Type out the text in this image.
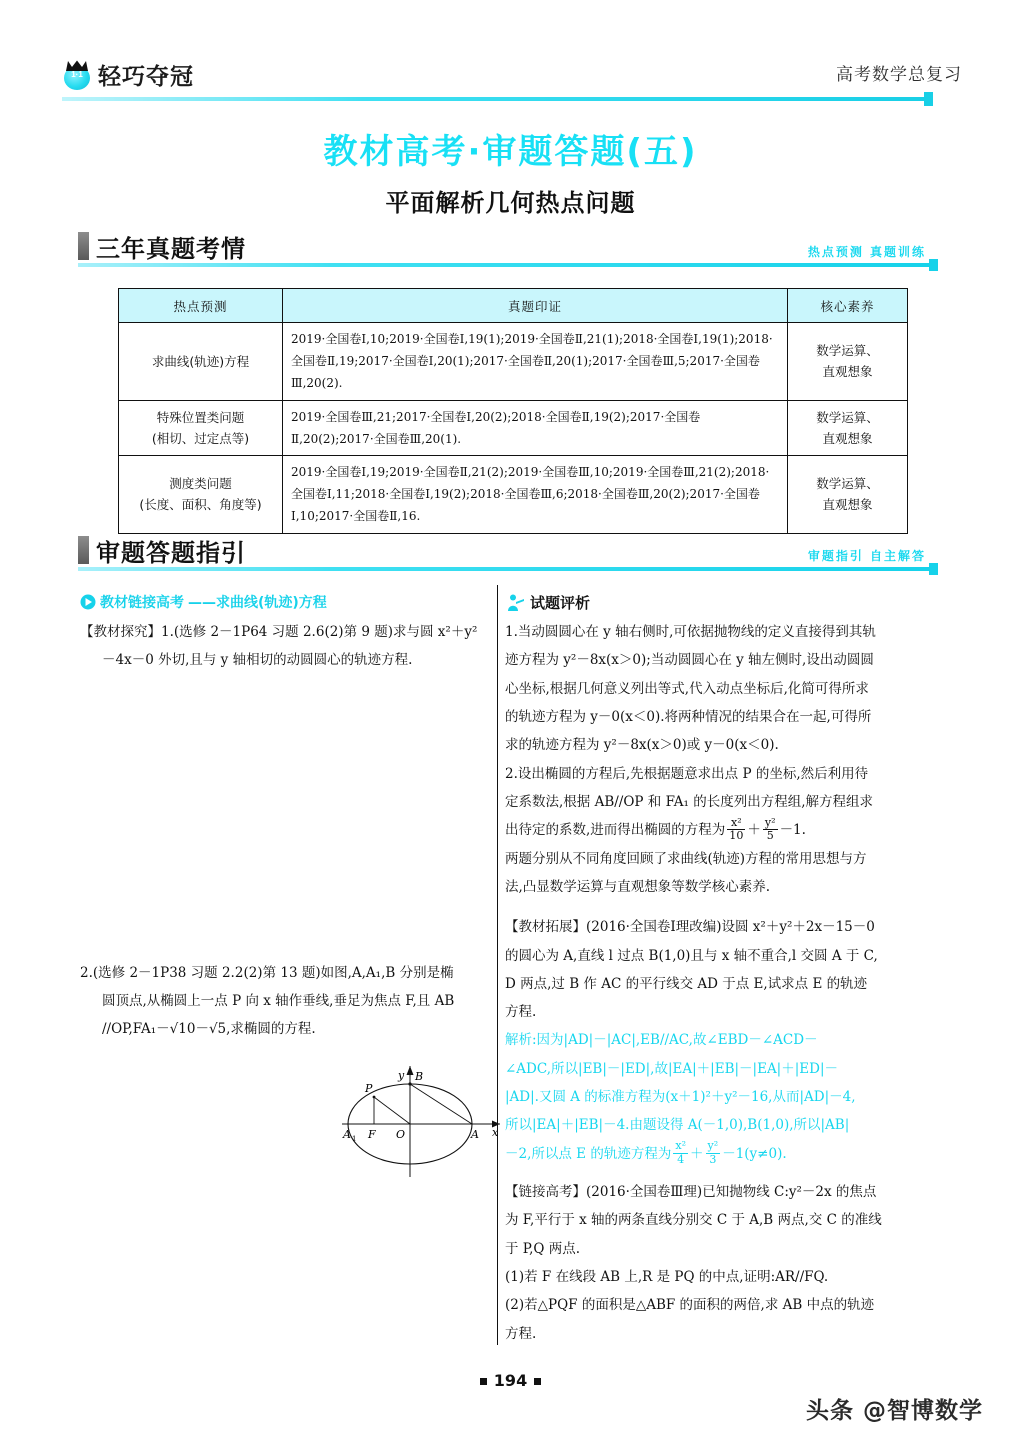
1·1 轻巧夺冠	高考数学总复习
教材高考·审题答题(五)
平面解析几何热点问题
三年真题考情	热点预测 真题训练
热点预测	真题印证	核心素养
求曲线(轨迹)方程	2019·全国卷Ⅰ,10;2019·全国卷Ⅰ,19(1);2019·全国卷Ⅱ,21(1);2018·全国卷Ⅰ,19(1);2018·全国卷Ⅱ,19;2017·全国卷Ⅰ,20(1);2017·全国卷Ⅱ,20(1);2017·全国卷Ⅲ,5;2017·全国卷Ⅲ,20(2).	数学运算、
直观想象
特殊位置类问题
(相切、过定点等)	2019·全国卷Ⅲ,21;2017·全国卷Ⅰ,20(2);2018·全国卷Ⅱ,19(2);2017·全国卷Ⅱ,20(2);2017·全国卷Ⅲ,20(1).	数学运算、
直观想象
测度类问题
(长度、面积、角度等)	2019·全国卷Ⅰ,19;2019·全国卷Ⅱ,21(2);2019·全国卷Ⅲ,10;2019·全国卷Ⅲ,21(2);2018·全国卷Ⅰ,11;2018·全国卷Ⅰ,19(2);2018·全国卷Ⅲ,6;2018·全国卷Ⅲ,20(2);2017·全国卷Ⅰ,10;2017·全国卷Ⅱ,16.	数学运算、
直观想象
审题答题指引	审题指引 自主解答
教材链接高考 ——求曲线(轨迹)方程

【教材探究】1.(选修 2－1P64 习题 2.6(2)第 9 题)求与圆 x²＋y²

－4x－0 外切,且与 y 轴相切的动圆圆心的轨迹方程.

2.(选修 2－1P38 习题 2.2(2)第 13 题)如图,A,A₁,B 分别是椭

圆顶点,从椭圆上一点 P 向 x 轴作垂线,垂足为焦点 F,且 AB

//OP,FA₁－√10－√5,求椭圆的方程.

y
x
P
B
A 1 F O	A
试题评析

1.当动圆圆心在 y 轴右侧时,可依据抛物线的定义直接得到其轨

迹方程为 y²－8x(x＞0);当动圆圆心在 y 轴左侧时,设出动圆圆

心坐标,根据几何意义列出等式,代入动点坐标后,化简可得所求

的轨迹方程为 y－0(x＜0).将两种情况的结果合在一起,可得所

求的轨迹方程为 y²－8x(x＞0)或 y－0(x＜0).

2.设出椭圆的方程后,先根据题意求出点 P 的坐标,然后利用待

定系数法,根据 AB//OP 和 FA₁ 的长度列出方程组,解方程组求

出待定的系数,进而得出椭圆的方程为 $\frac{\text{x²}}{10} + \frac{\text{y²}}{5} -1$.

两题分别从不同角度回顾了求曲线(轨迹)方程的常用思想与方

法,凸显数学运算与直观想象等数学核心素养.

【教材拓展】(2016·全国卷Ⅰ理改编)设圆 x²＋y²＋2x－15－0

的圆心为 A,直线 l 过点 B(1,0)且与 x 轴不重合,l 交圆 A 于 C,

D 两点,过 B 作 AC 的平行线交 AD 于点 E,试求点 E 的轨迹

方程.

解析:因为|AD|－|AC|,EB//AC,故∠EBD－∠ACD－

∠ADC,所以|EB|－|ED|,故|EA|＋|EB|－|EA|＋|ED|－

|AD|.又圆 A 的标准方程为(x＋1)²＋y²－16,从而|AD|－4,

所以|EA|＋|EB|－4.由题设得 A(－1,0),B(1,0),所以|AB|

－2,所以点 E 的轨迹方程为 $\frac{\text{x²}}{4} + \frac{\text{y²}}{3} -1(y\ne 0)$.

【链接高考】(2016·全国卷Ⅲ理)已知抛物线 C:y²－2x 的焦点

为 F,平行于 x 轴的两条直线分别交 C 于 A,B 两点,交 C 的准线

于 P,Q 两点.

(1)若 F 在线段 AB 上,R 是 PQ 的中点,证明:AR//FQ.

(2)若△PQF 的面积是△ABF 的面积的两倍,求 AB 中点的轨迹

方程.

194
头条 @智博数学
